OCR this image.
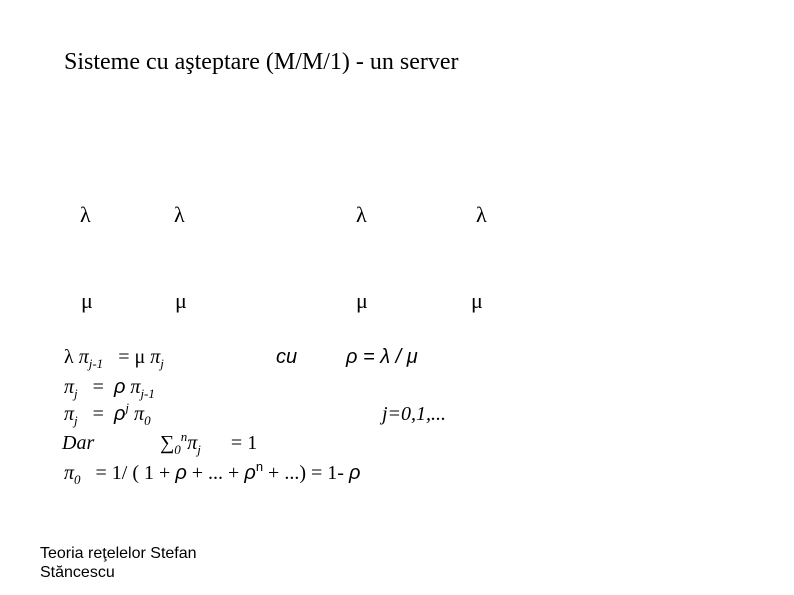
Sisteme cu aşteptare (M/M/1) - un server
λ	λ	λ	λ
μ	μ	μ	μ
λ $\pi_{j-1} = \mu$ $\pi_j$	cu ρ = λ / μ
$\pi_j = \rho$ $\pi_{j-1}$
$\pi_j = \rho^j$ $\pi_0$	j=0,1,...
Dar	$\sum_0^n\pi_j = 1$
$\pi_0 = 1/$ ( 1 + ρ + ... + $\rho^n$ + ...) = 1- ρ
Teoria reţelelor Stefan
Stăncescu
